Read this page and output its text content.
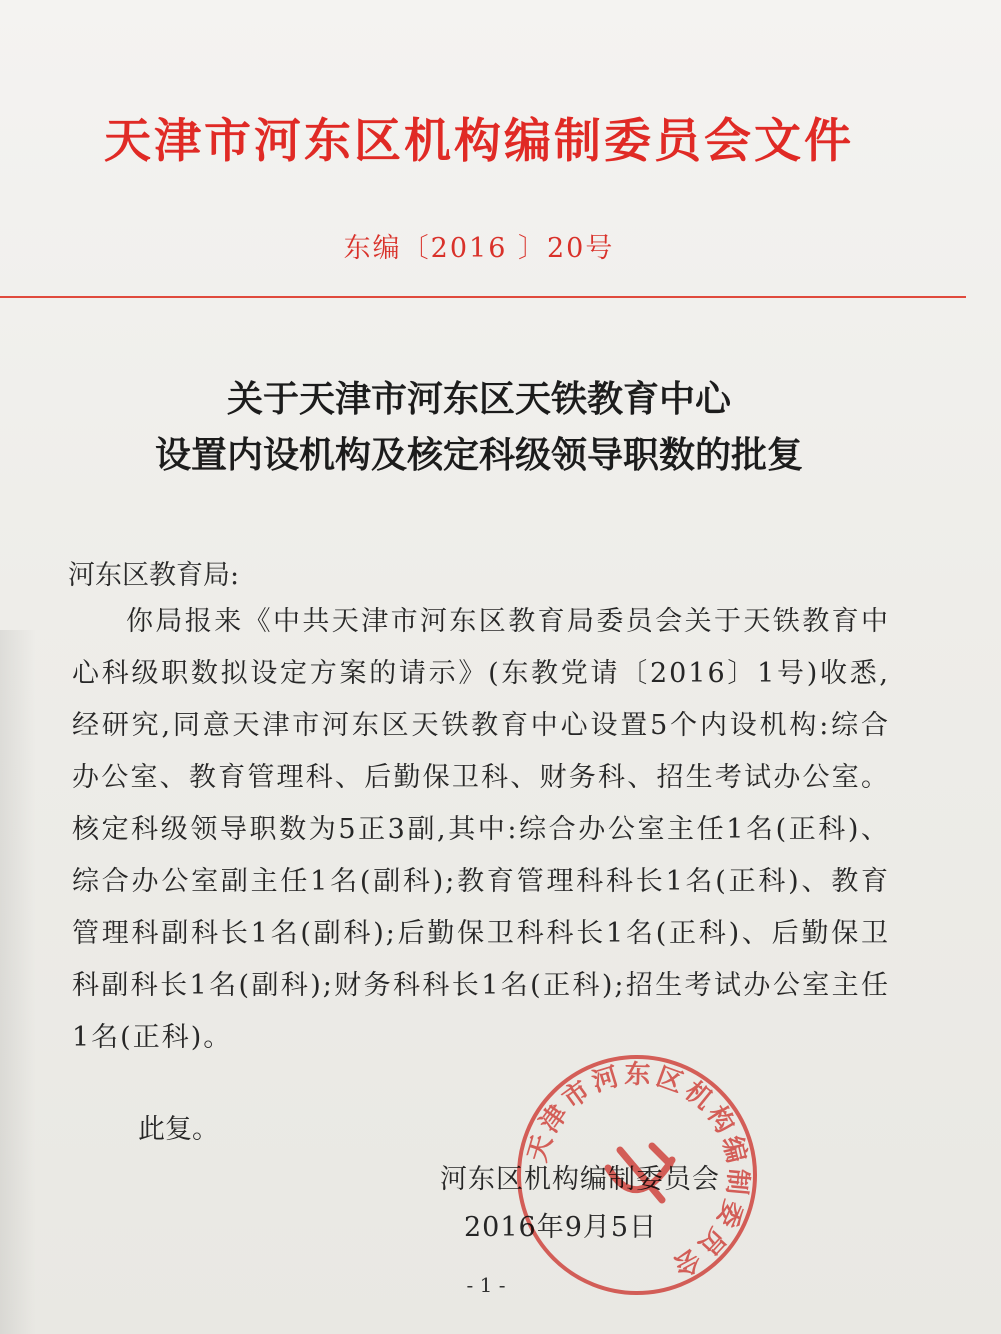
天津市河东区机构编制委员会文件
东编〔2016 〕20号
关于天津市河东区天铁教育中心
设置内设机构及核定科级领导职数的批复
河东区教育局:
你局报来《中共天津市河东区教育局委员会关于天铁教育中心科级职数拟设定方案的请示》(东教党请〔2016〕1号)收悉,经研究,同意天津市河东区天铁教育中心设置5个内设机构:综合办公室、教育管理科、后勤保卫科、财务科、招生考试办公室。核定科级领导职数为5正3副,其中:综合办公室主任1名(正科)、综合办公室副主任1名(副科);教育管理科科长1名(正科)、教育管理科副科长1名(副科);后勤保卫科科长1名(正科)、后勤保卫科副科长1名(副科);财务科科长1名(正科);招生考试办公室主任1名(正科)。
此复。
河东区机构编制委员会
2016年9月5日
- 1 -
天津市河东区机构编制委员会
